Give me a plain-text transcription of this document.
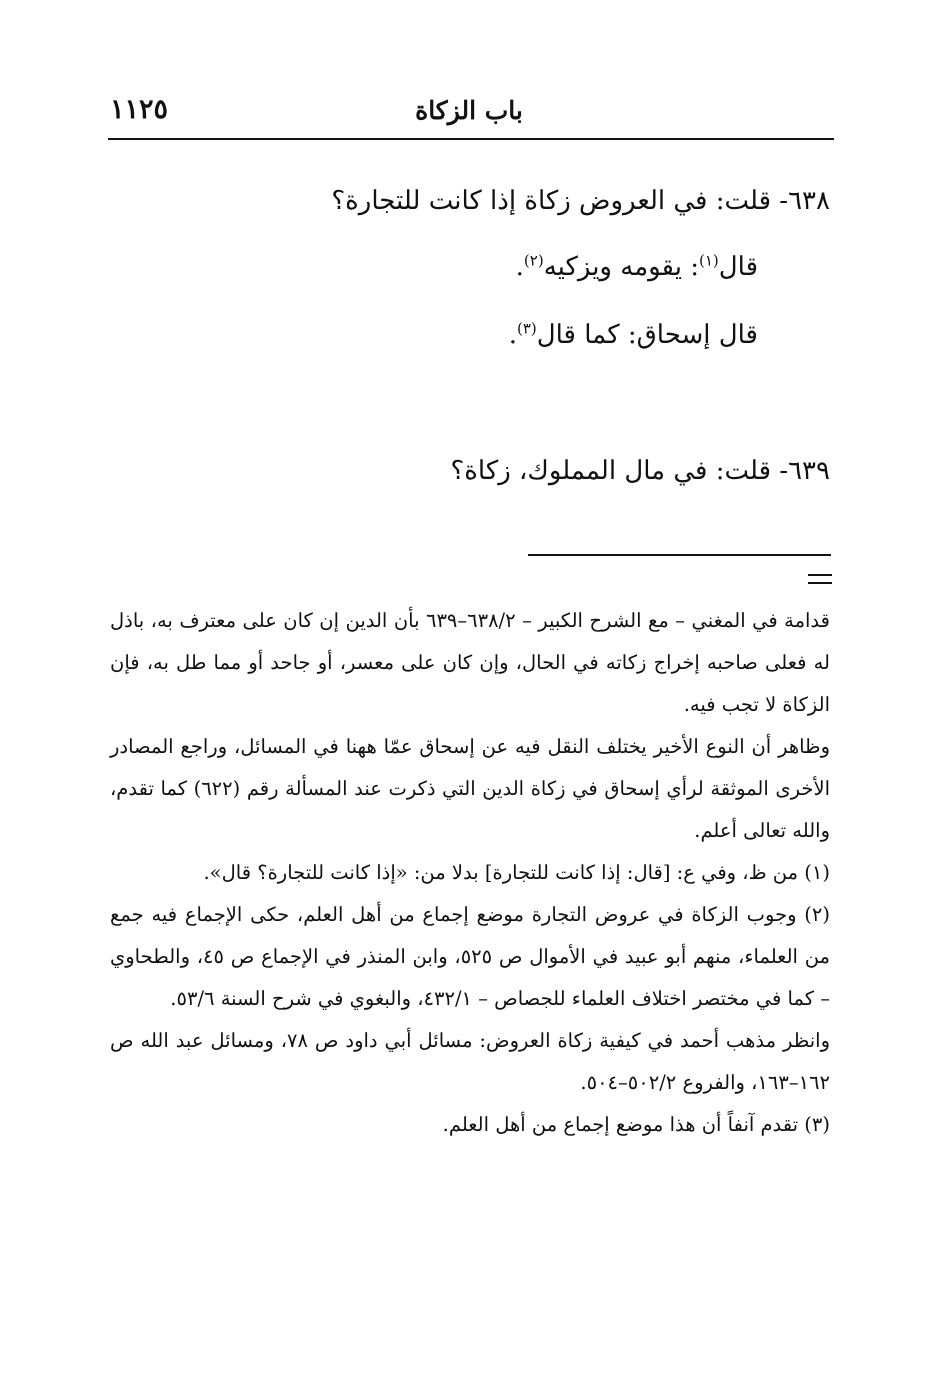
باب الزكاة
١١٢٥
٦٣٨- قلت: في العروض زكاة إذا كانت للتجارة؟
قال$^{(١)}$: يقومه ويزكيه$^{(٢)}$.
قال إسحاق: كما قال$^{(٣)}$.
٦٣٩- قلت: في مال المملوك، زكاة؟

قدامة في المغني – مع الشرح الكبير – ٦٣٨/٢–٦٣٩ بأن الدين إن كان على معترف به، باذل له فعلى صاحبه إخراج زكاته في الحال، وإن كان على معسر، أو جاحد أو مما طل به، فإن الزكاة لا تجب فيه.

وظاهر أن النوع الأخير يختلف النقل فيه عن إسحاق عمّا ههنا في المسائل، وراجع المصادر الأخرى الموثقة لرأي إسحاق في زكاة الدين التي ذكرت عند المسألة رقم (٦٢٢) كما تقدم، والله تعالى أعلم.

(١) من ظ، وفي ع: [قال: إذا كانت للتجارة] بدلا من: «إذا كانت للتجارة؟ قال».

(٢) وجوب الزكاة في عروض التجارة موضع إجماع من أهل العلم، حكى الإجماع فيه جمع من العلماء، منهم أبو عبيد في الأموال ص ٥٢٥، وابن المنذر في الإجماع ص ٤٥، والطحاوي – كما في مختصر اختلاف العلماء للجصاص – ٤٣٢/١، والبغوي في شرح السنة ٥٣/٦.

وانظر مذهب أحمد في كيفية زكاة العروض: مسائل أبي داود ص ٧٨، ومسائل عبد الله ص ١٦٢–١٦٣، والفروع ٥٠٢/٢–٥٠٤.

(٣) تقدم آنفاً أن هذا موضع إجماع من أهل العلم.
